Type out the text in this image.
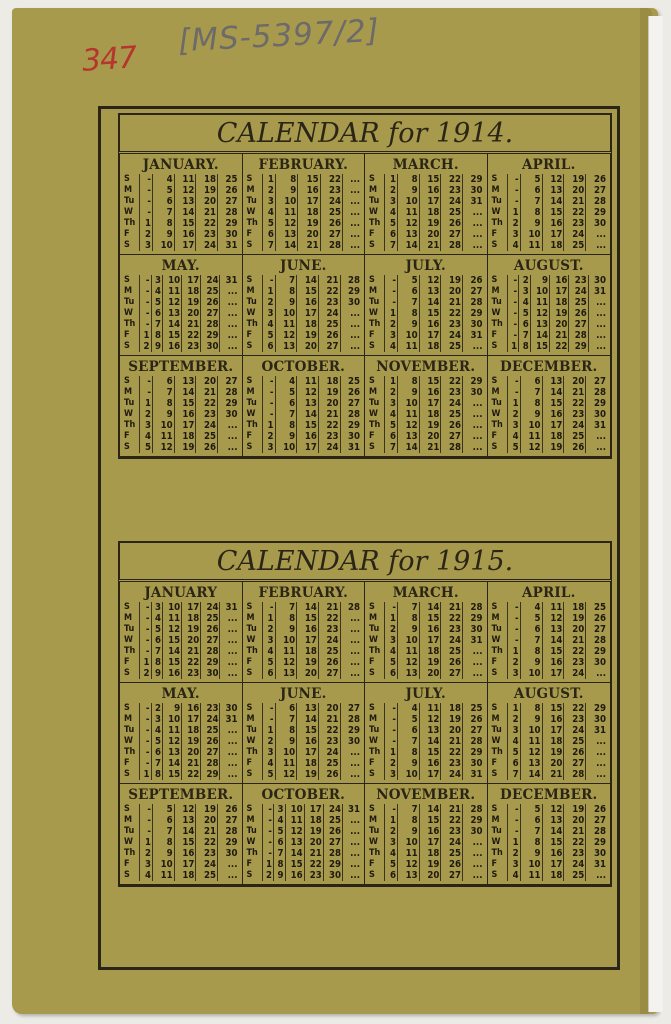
347
[MS-5397/2]
CALENDAR for 1914.
JANUARY.
S	-	4	11	18	25
M	-	5	12	19	26
Tu	-	6	13	20	27
W	-	7	14	21	28
Th	1	8	15	22	29
F	2	9	16	23	30
S	3	10	17	24	31
FEBRUARY.
S	1	8	15	22	...
M	2	9	16	23	...
Tu	3	10	17	24	...
W	4	11	18	25	...
Th	5	12	19	26	...
F	6	13	20	27	...
S	7	14	21	28	...
MARCH.
S	1	8	15	22	29
M	2	9	16	23	30
Tu	3	10	17	24	31
W	4	11	18	25	...
Th	5	12	19	26	...
F	6	13	20	27	...
S	7	14	21	28	...
APRIL.
S	-	5	12	19	26
M	-	6	13	20	27
Tu	-	7	14	21	28
W	1	8	15	22	29
Th	2	9	16	23	30
F	3	10	17	24	...
S	4	11	18	25	...
MAY.
S	-	3	10	17	24	31
M	-	4	11	18	25	...
Tu	-	5	12	19	26	...
W	-	6	13	20	27	...
Th	-	7	14	21	28	...
F	1	8	15	22	29	...
S	2	9	16	23	30	...
JUNE.
S	-	7	14	21	28
M	1	8	15	22	29
Tu	2	9	16	23	30
W	3	10	17	24	...
Th	4	11	18	25	...
F	5	12	19	26	...
S	6	13	20	27	...
JULY.
S	-	5	12	19	26
M	-	6	13	20	27
Tu	-	7	14	21	28
W	1	8	15	22	29
Th	2	9	16	23	30
F	3	10	17	24	31
S	4	11	18	25	...
AUGUST.
S	-	2	9	16	23	30
M	-	3	10	17	24	31
Tu	-	4	11	18	25	...
W	-	5	12	19	26	...
Th	-	6	13	20	27	...
F	-	7	14	21	28	...
S	1	8	15	22	29	...
SEPTEMBER.
S	-	6	13	20	27
M	-	7	14	21	28
Tu	1	8	15	22	29
W	2	9	16	23	30
Th	3	10	17	24	...
F	4	11	18	25	...
S	5	12	19	26	...
OCTOBER.
S	-	4	11	18	25
M	-	5	12	19	26
Tu	-	6	13	20	27
W	-	7	14	21	28
Th	1	8	15	22	29
F	2	9	16	23	30
S	3	10	17	24	31
NOVEMBER.
S	1	8	15	22	29
M	2	9	16	23	30
Tu	3	10	17	24	...
W	4	11	18	25	...
Th	5	12	19	26	...
F	6	13	20	27	...
S	7	14	21	28	...
DECEMBER.
S	-	6	13	20	27
M	-	7	14	21	28
Tu	1	8	15	22	29
W	2	9	16	23	30
Th	3	10	17	24	31
F	4	11	18	25	...
S	5	12	19	26	...
CALENDAR for 1915.
JANUARY
S	-	3	10	17	24	31
M	-	4	11	18	25	...
Tu	-	5	12	19	26	...
W	-	6	15	20	27	...
Th	-	7	14	21	28	...
F	1	8	15	22	29	...
S	2	9	16	23	30	...
FEBRUARY.
S	-	7	14	21	28
M	1	8	15	22	...
Tu	2	9	16	23	...
W	3	10	17	24	...
Th	4	11	18	25	...
F	5	12	19	26	...
S	6	13	20	27	...
MARCH.
S	-	7	14	21	28
M	1	8	15	22	29
Tu	2	9	16	23	30
W	3	10	17	24	31
Th	4	11	18	25	...
F	5	12	19	26	...
S	6	13	20	27	...
APRIL.
S	-	4	11	18	25
M	-	5	12	19	26
Tu	-	6	13	20	27
W	-	7	14	21	28
Th	1	8	15	22	29
F	2	9	16	23	30
S	3	10	17	24	...
MAY.
S	-	2	9	16	23	30
M	-	3	10	17	24	31
Tu	-	4	11	18	25	...
W	-	5	12	19	26	...
Th	-	6	13	20	27	...
F	-	7	14	21	28	...
S	1	8	15	22	29	...
JUNE.
S	-	6	13	20	27
M	-	7	14	21	28
Tu	1	8	15	22	29
W	2	9	16	23	30
Th	3	10	17	24	...
F	4	11	18	25	...
S	5	12	19	26	...
JULY.
S	-	4	11	18	25
M	-	5	12	19	26
Tu	-	6	13	20	27
W	-	7	14	21	28
Th	1	8	15	22	29
F	2	9	16	23	30
S	3	10	17	24	31
AUGUST.
S	1	8	15	22	29
M	2	9	16	23	30
Tu	3	10	17	24	31
W	4	11	18	25	...
Th	5	12	19	26	...
F	6	13	20	27	...
S	7	14	21	28	...
SEPTEMBER.
S	-	5	12	19	26
M	-	6	13	20	27
Tu	-	7	14	21	28
W	1	8	15	22	29
Th	2	9	16	23	30
F	3	10	17	24	...
S	4	11	18	25	...
OCTOBER.
S	-	3	10	17	24	31
M	-	4	11	18	25	...
Tu	-	5	12	19	26	...
W	-	6	13	20	27	...
Th	-	7	14	21	28	...
F	1	8	15	22	29	...
S	2	9	16	23	30	...
NOVEMBER.
S	-	7	14	21	28
M	1	8	15	22	29
Tu	2	9	16	23	30
W	3	10	17	24	...
Th	4	11	18	25	...
F	5	12	19	26	...
S	6	13	20	27	...
DECEMBER.
S	-	5	12	19	26
M	-	6	13	20	27
Tu	-	7	14	21	28
W	1	8	15	22	29
Th	2	9	16	23	30
F	3	10	17	24	31
S	4	11	18	25	...
